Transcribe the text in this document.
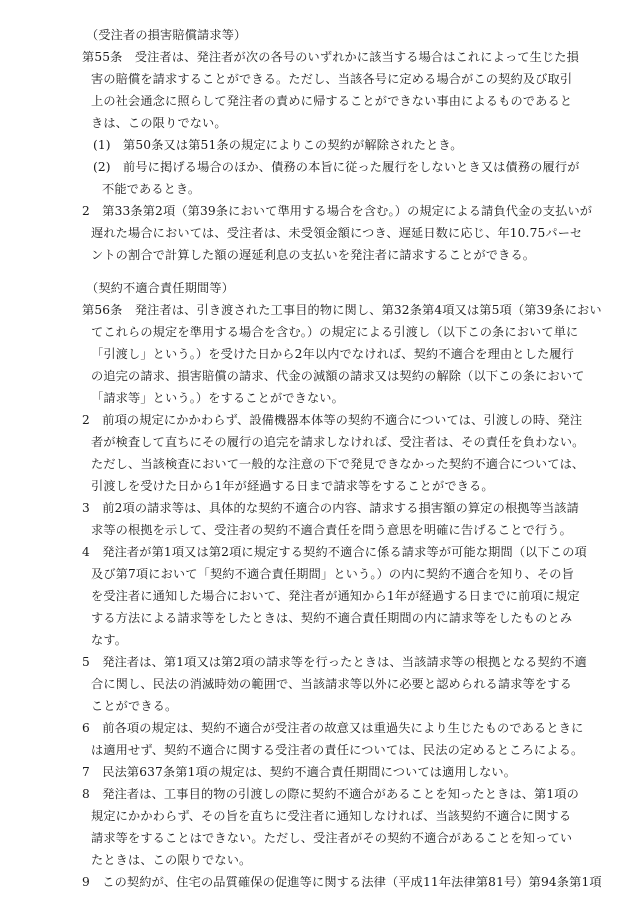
（受注者の損害賠償請求等）
第55条　受注者は、発注者が次の各号のいずれかに該当する場合はこれによって生じた損
害の賠償を請求することができる。ただし、当該各号に定める場合がこの契約及び取引
上の社会通念に照らして発注者の責めに帰することができない事由によるものであると
きは、この限りでない。
(1)　第50条又は第51条の規定によりこの契約が解除されたとき。
(2)　前号に掲げる場合のほか、債務の本旨に従った履行をしないとき又は債務の履行が
不能であるとき。
2　第33条第2項（第39条において準用する場合を含む。）の規定による請負代金の支払いが
遅れた場合においては、受注者は、未受領金額につき、遅延日数に応じ、年10.75パーセ
ントの割合で計算した額の遅延利息の支払いを発注者に請求することができる。
（契約不適合責任期間等）
第56条　発注者は、引き渡された工事目的物に関し、第32条第4項又は第5項（第39条におい
てこれらの規定を準用する場合を含む。）の規定による引渡し（以下この条において単に
「引渡し」という。）を受けた日から2年以内でなければ、契約不適合を理由とした履行
の追完の請求、損害賠償の請求、代金の減額の請求又は契約の解除（以下この条において
「請求等」という。）をすることができない。
2　前項の規定にかかわらず、設備機器本体等の契約不適合については、引渡しの時、発注
者が検査して直ちにその履行の追完を請求しなければ、受注者は、その責任を負わない。
ただし、当該検査において一般的な注意の下で発見できなかった契約不適合については、
引渡しを受けた日から1年が経過する日まで請求等をすることができる。
3　前2項の請求等は、具体的な契約不適合の内容、請求する損害額の算定の根拠等当該請
求等の根拠を示して、受注者の契約不適合責任を問う意思を明確に告げることで行う。
4　発注者が第1項又は第2項に規定する契約不適合に係る請求等が可能な期間（以下この項
及び第7項において「契約不適合責任期間」という。）の内に契約不適合を知り、その旨
を受注者に通知した場合において、発注者が通知から1年が経過する日までに前項に規定
する方法による請求等をしたときは、契約不適合責任期間の内に請求等をしたものとみ
なす。
5　発注者は、第1項又は第2項の請求等を行ったときは、当該請求等の根拠となる契約不適
合に関し、民法の消滅時効の範囲で、当該請求等以外に必要と認められる請求等をする
ことができる。
6　前各項の規定は、契約不適合が受注者の故意又は重過失により生じたものであるときに
は適用せず、契約不適合に関する受注者の責任については、民法の定めるところによる。
7　民法第637条第1項の規定は、契約不適合責任期間については適用しない。
8　発注者は、工事目的物の引渡しの際に契約不適合があることを知ったときは、第1項の
規定にかかわらず、その旨を直ちに受注者に通知しなければ、当該契約不適合に関する
請求等をすることはできない。ただし、受注者がその契約不適合があることを知ってい
たときは、この限りでない。
9　この契約が、住宅の品質確保の促進等に関する法律（平成11年法律第81号）第94条第1項
